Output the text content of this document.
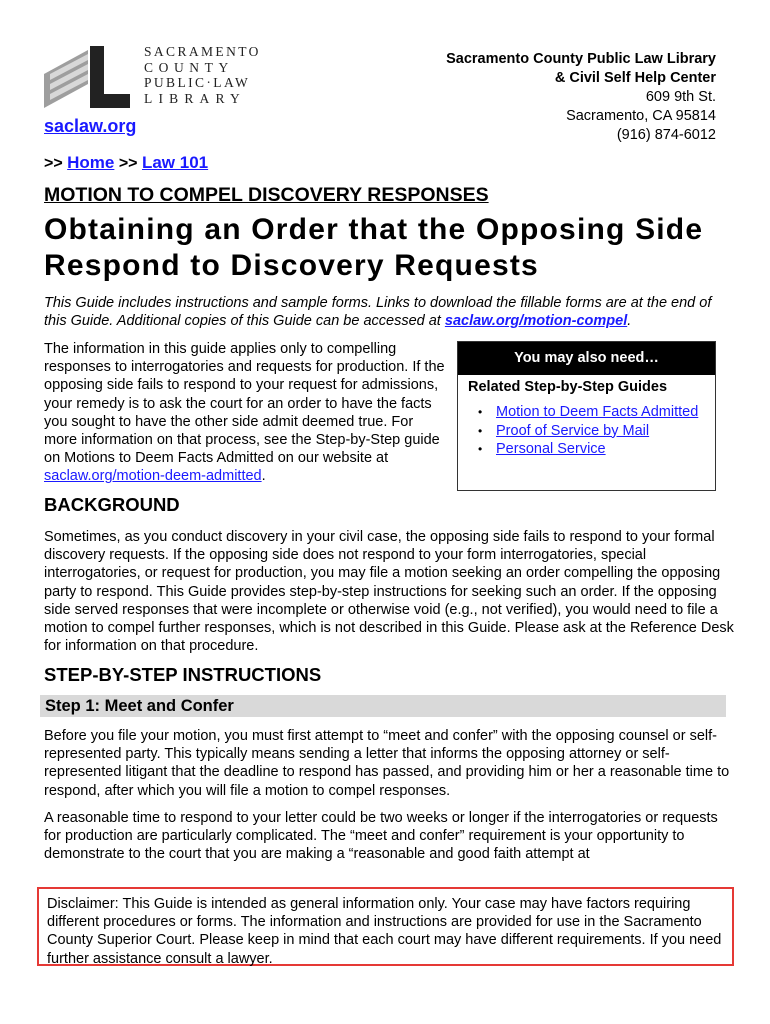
SACRAMENTO
COUNTY
PUBLIC·LAW
LIBRARY
saclaw.org
Sacramento County Public Law Library
& Civil Self Help Center
609 9th St.
Sacramento, CA 95814
(916) 874-6012
>> Home >> Law 101
MOTION TO COMPEL DISCOVERY RESPONSES
Obtaining an Order that the Opposing Side Respond to Discovery Requests

This Guide includes instructions and sample forms. Links to download the fillable forms are at the end of this Guide. Additional copies of this Guide can be accessed at saclaw.org/motion-compel.

The information in this guide applies only to compelling responses to interrogatories and requests for production. If the opposing side fails to respond to your request for admissions, your remedy is to ask the court for an order to have the facts you sought to have the other side admit deemed true. For more information on that process, see the Step-by-Step guide on Motions to Deem Facts Admitted on our website at saclaw.org/motion-deem-admitted.

You may also need…
Related Step-by-Step Guides
• Motion to Deem Facts Admitted
• Proof of Service by Mail
• Personal Service
BACKGROUND

Sometimes, as you conduct discovery in your civil case, the opposing side fails to respond to your formal discovery requests. If the opposing side does not respond to your form interrogatories, special interrogatories, or request for production, you may file a motion seeking an order compelling the opposing party to respond. This Guide provides step-by-step instructions for seeking such an order. If the opposing side served responses that were incomplete or otherwise void (e.g., not verified), you would need to file a motion to compel further responses, which is not described in this Guide. Please ask at the Reference Desk for information on that procedure.

STEP-BY-STEP INSTRUCTIONS
Step 1: Meet and Confer

Before you file your motion, you must first attempt to “meet and confer” with the opposing counsel or self-represented party. This typically means sending a letter that informs the opposing attorney or self-represented litigant that the deadline to respond has passed, and providing him or her a reasonable time to respond, after which you will file a motion to compel responses.

A reasonable time to respond to your letter could be two weeks or longer if the interrogatories or requests for production are particularly complicated. The “meet and confer” requirement is your opportunity to demonstrate to the court that you are making a “reasonable and good faith attempt at

Disclaimer: This Guide is intended as general information only. Your case may have factors requiring different procedures or forms. The information and instructions are provided for use in the Sacramento County Superior Court. Please keep in mind that each court may have different requirements. If you need further assistance consult a lawyer.
